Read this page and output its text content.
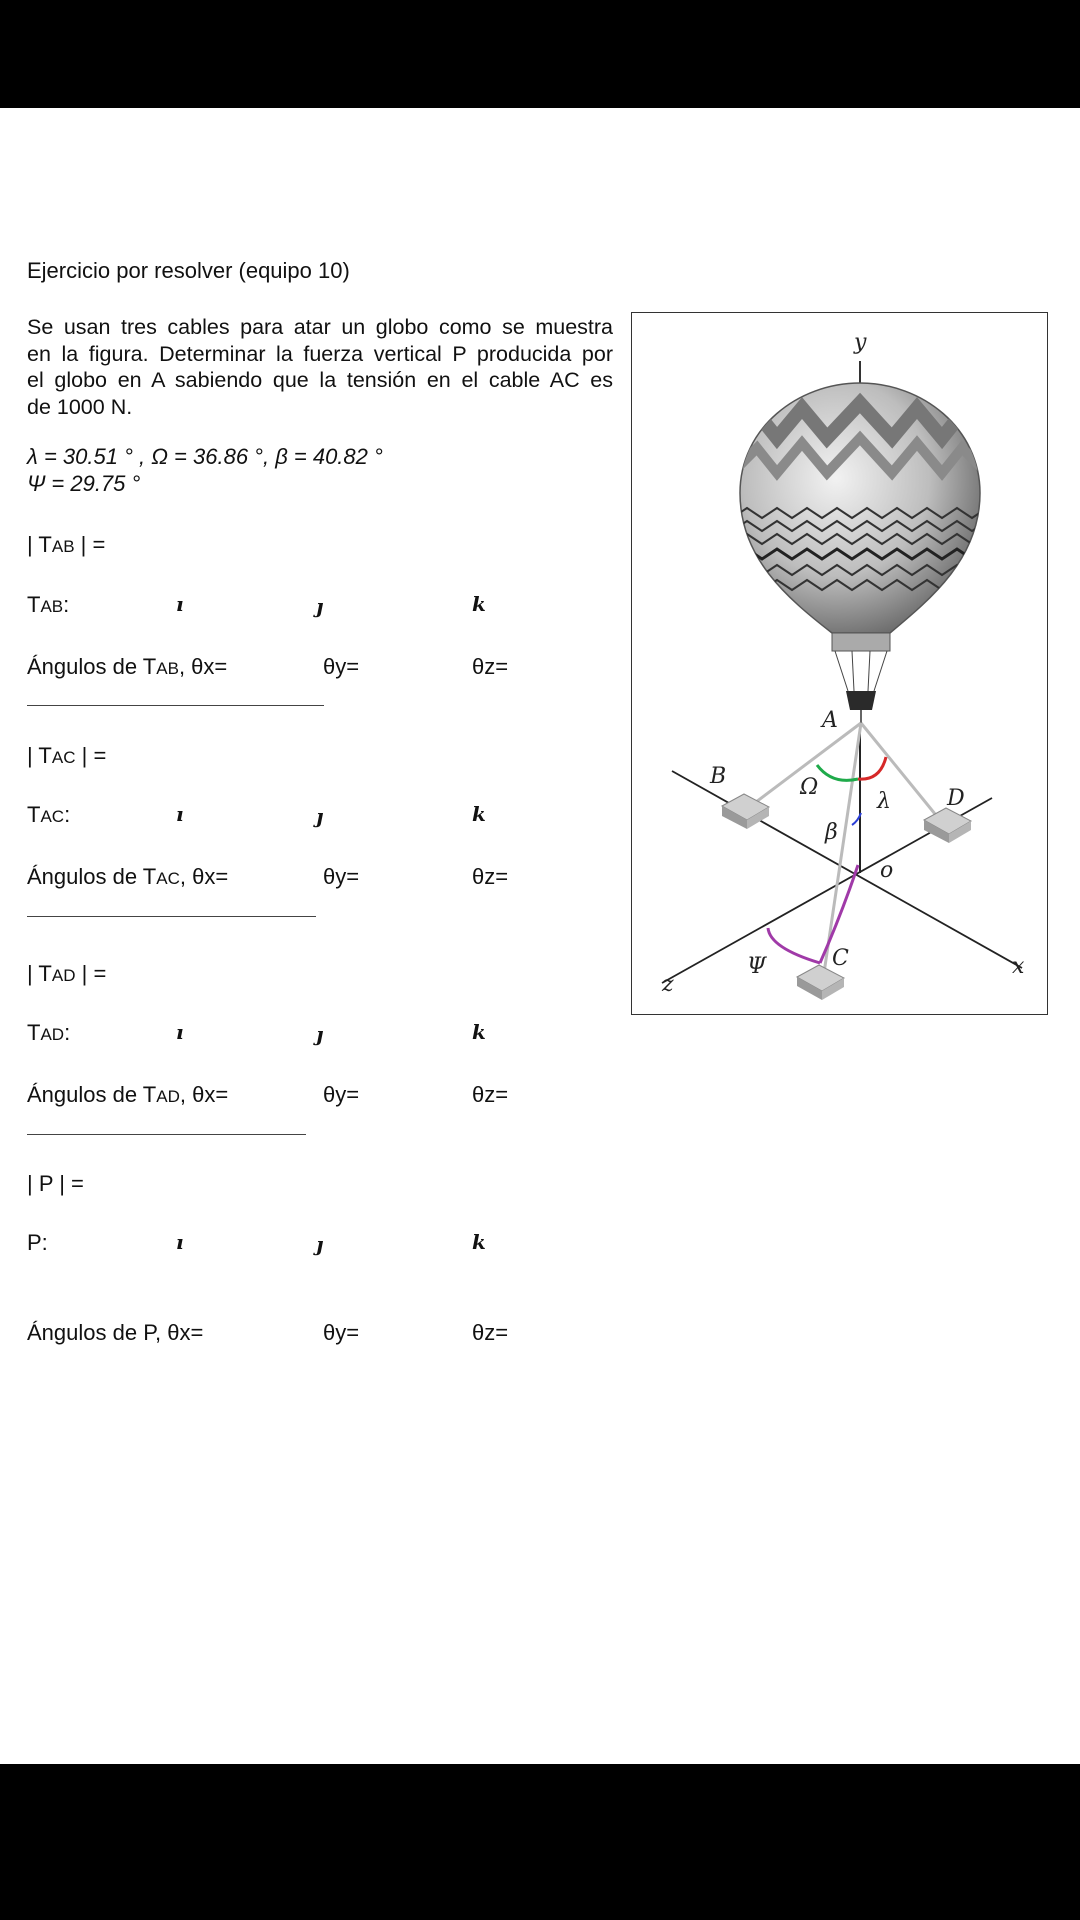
Ejercicio por resolver (equipo 10)
Se usan tres cables para atar un globo como se muestra
en la figura. Determinar la fuerza vertical P producida por
el globo en A sabiendo que la tensión en el cable AC es
de 1000 N.
λ = 30.51 ° , Ω = 36.86 °, β = 40.82 °
Ψ = 29.75 °
| TAB | =
TAB:	ı	ȷ	k
Ángulos de TAB, θx=	θy=	θz=
| TAC | =
TAC:	ı	ȷ	k
Ángulos de TAC, θx=	θy=	θz=
| TAD | =
TAD:	ı	ȷ	k
Ángulos de TAD, θx=	θy=	θz=
| P | =
P:	ı	ȷ	k
Ángulos de P, θx=	θy=	θz=
y
x
z
A
B
D
C
o
Ω
λ
β
Ψ
